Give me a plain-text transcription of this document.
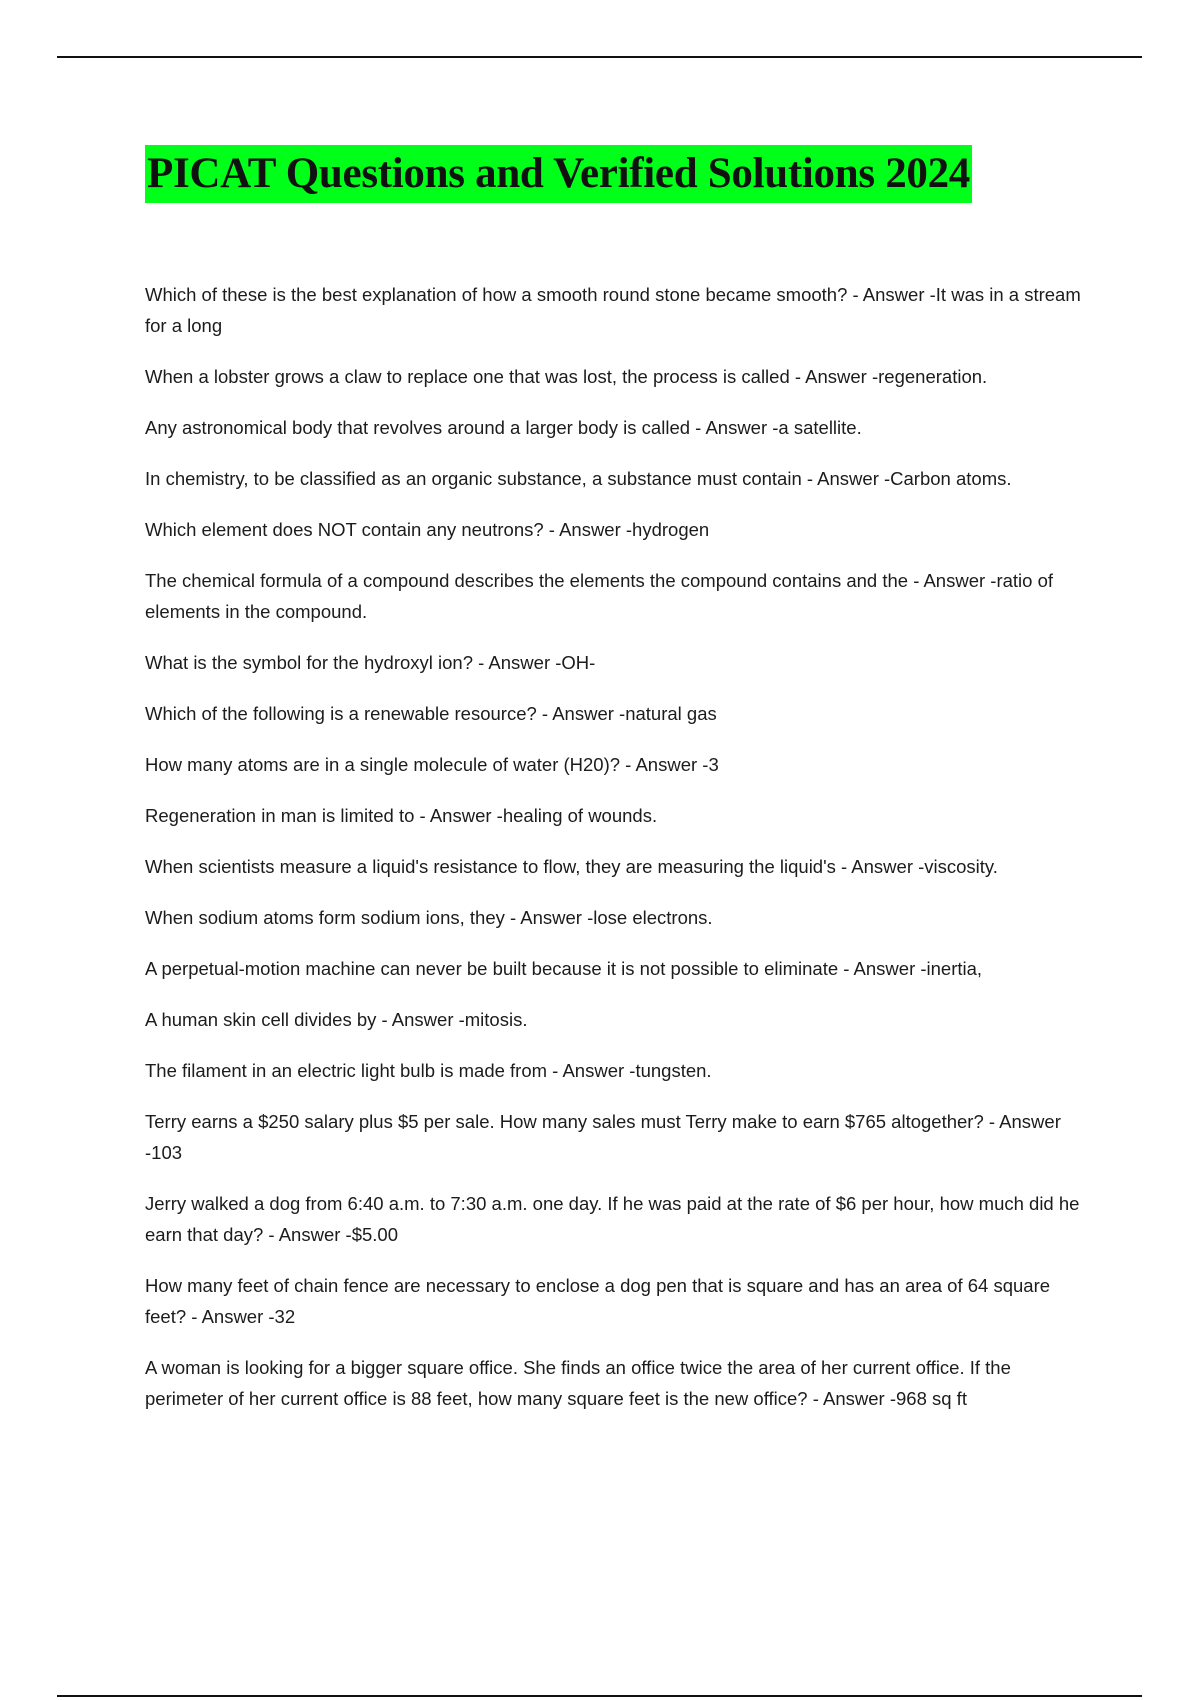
PICAT Questions and Verified Solutions 2024
Which of these is the best explanation of how a smooth round stone became smooth? - Answer -It was in a stream for a long
When a lobster grows a claw to replace one that was lost, the process is called - Answer -regeneration.
Any astronomical body that revolves around a larger body is called - Answer -a satellite.
In chemistry, to be classified as an organic substance, a substance must contain - Answer -Carbon atoms.
Which element does NOT contain any neutrons? - Answer -hydrogen
The chemical formula of a compound describes the elements the compound contains and the - Answer -ratio of elements in the compound.
What is the symbol for the hydroxyl ion? - Answer -OH-
Which of the following is a renewable resource? - Answer -natural gas
How many atoms are in a single molecule of water (H20)? - Answer -3
Regeneration in man is limited to - Answer -healing of wounds.
When scientists measure a liquid's resistance to flow, they are measuring the liquid's - Answer -viscosity.
When sodium atoms form sodium ions, they - Answer -lose electrons.
A perpetual-motion machine can never be built because it is not possible to eliminate - Answer -inertia,
A human skin cell divides by - Answer -mitosis.
The filament in an electric light bulb is made from - Answer -tungsten.
Terry earns a $250 salary plus $5 per sale. How many sales must Terry make to earn $765 altogether? - Answer -103
Jerry walked a dog from 6:40 a.m. to 7:30 a.m. one day. If he was paid at the rate of $6 per hour, how much did he earn that day? - Answer -$5.00
How many feet of chain fence are necessary to enclose a dog pen that is square and has an area of 64 square feet? - Answer -32
A woman is looking for a bigger square office. She finds an office twice the area of her current office. If the perimeter of her current office is 88 feet, how many square feet is the new office? - Answer -968 sq ft
